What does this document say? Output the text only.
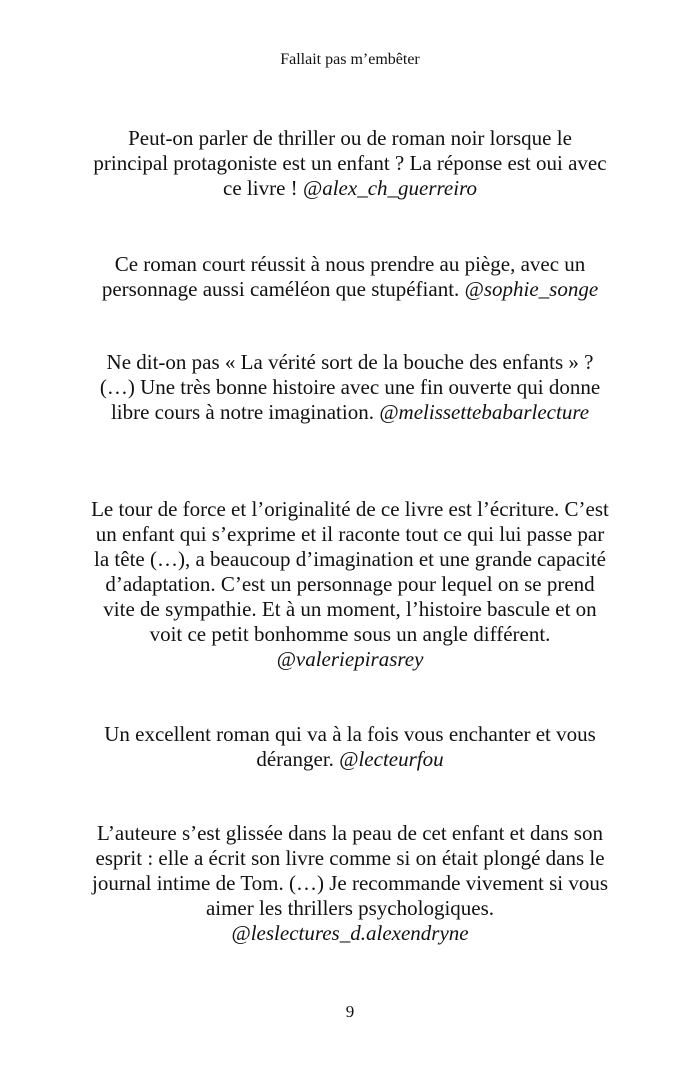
Fallait pas m’embêter

Peut-on parler de thriller ou de roman noir lorsque le principal protagoniste est un enfant ? La réponse est oui avec ce livre ! @alex_ch_guerreiro

Ce roman court réussit à nous prendre au piège, avec un personnage aussi caméléon que stupéfiant. @sophie_songe

Ne dit-on pas « La vérité sort de la bouche des enfants » ? (…) Une très bonne histoire avec une fin ouverte qui donne libre cours à notre imagination. @melissettebabarlecture

Le tour de force et l’originalité de ce livre est l’écriture. C’est un enfant qui s’exprime et il raconte tout ce qui lui passe par la tête (…), a beaucoup d’imagination et une grande capacité d’adaptation. C’est un personnage pour lequel on se prend vite de sympathie. Et à un moment, l’histoire bascule et on voit ce petit bonhomme sous un angle différent. @valeriepirasrey

Un excellent roman qui va à la fois vous enchanter et vous déranger. @lecteurfou

L’auteure s’est glissée dans la peau de cet enfant et dans son esprit : elle a écrit son livre comme si on était plongé dans le journal intime de Tom. (…) Je recommande vivement si vous aimer les thrillers psychologiques. @leslectures_d.alexendryne

9
